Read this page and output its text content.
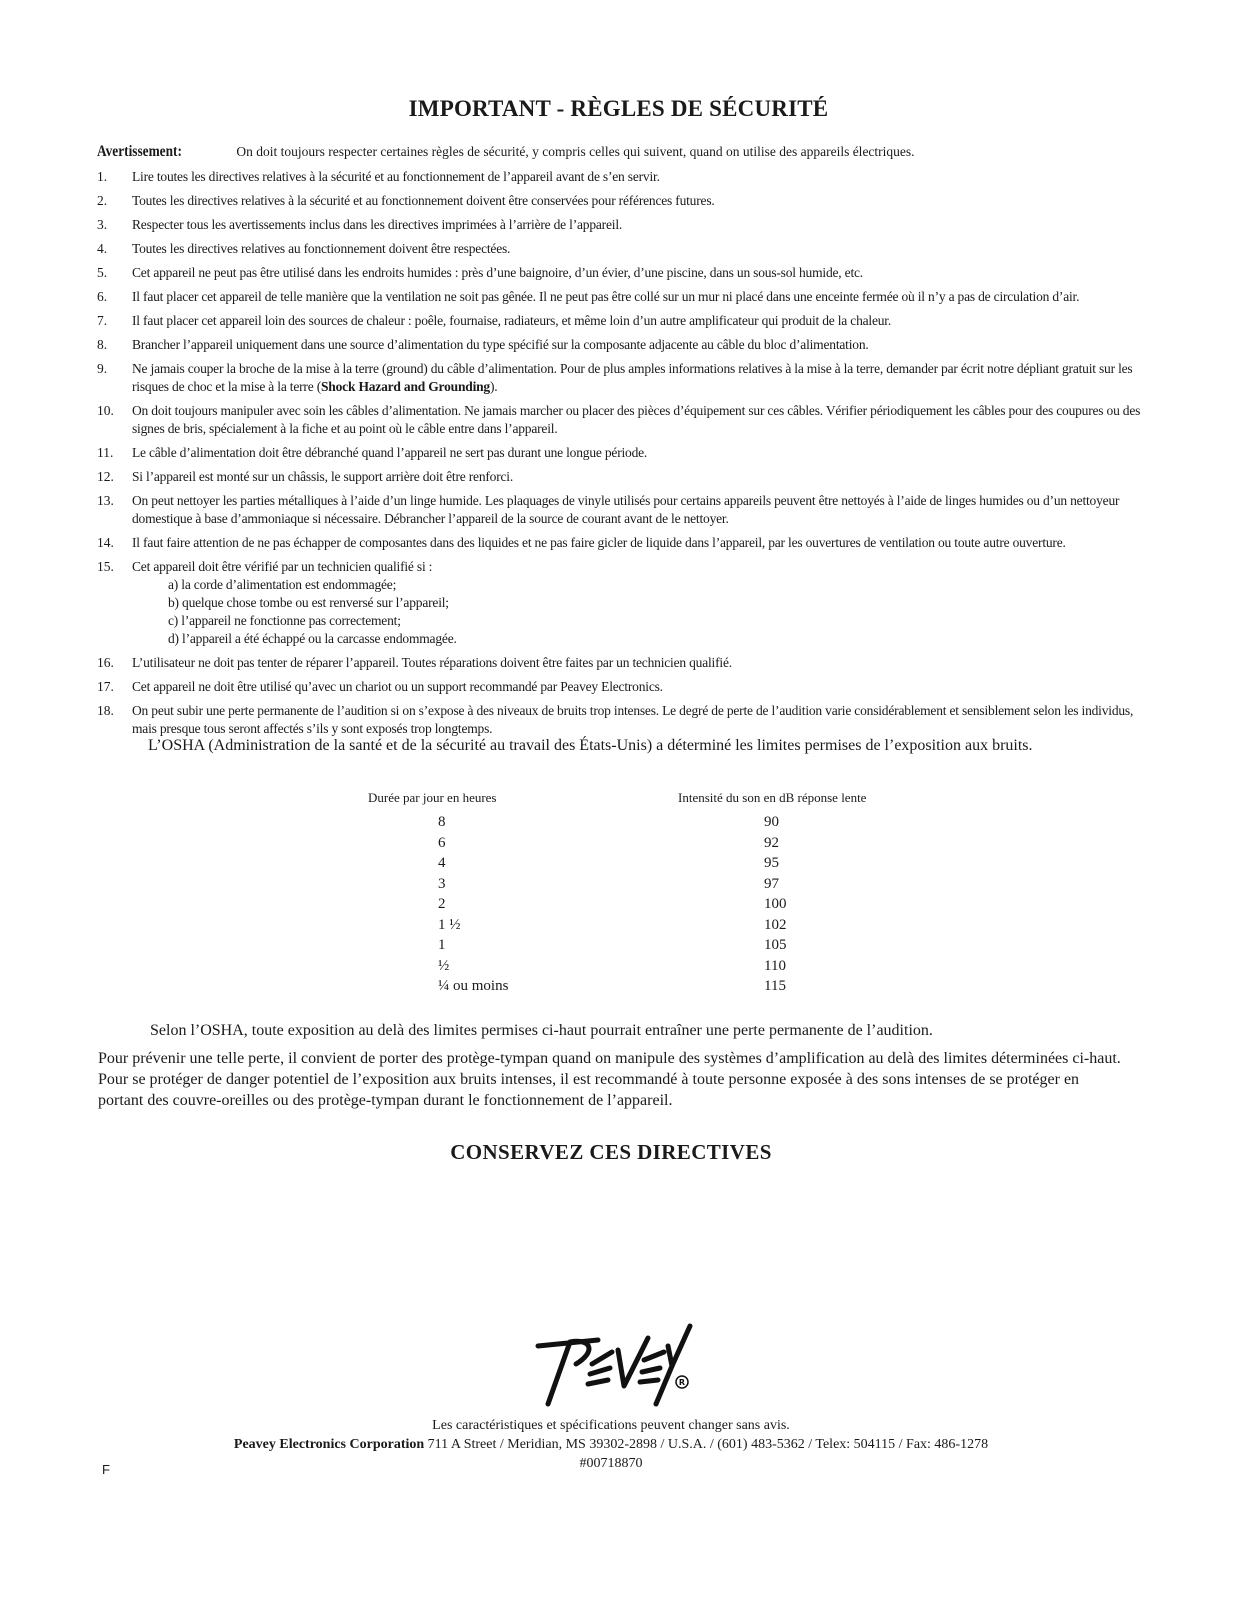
IMPORTANT - RÈGLES DE SÉCURITÉ
Avertissement:	On doit toujours respecter certaines règles de sécurité, y compris celles qui suivent, quand on utilise des appareils électriques.
1.	Lire toutes les directives relatives à la sécurité et au fonctionnement de l’appareil avant de s’en servir.
2.	Toutes les directives relatives à la sécurité et au fonctionnement doivent être conservées pour références futures.
3.	Respecter tous les avertissements inclus dans les directives imprimées à l’arrière de l’appareil.
4.	Toutes les directives relatives au fonctionnement doivent être respectées.
5.	Cet appareil ne peut pas être utilisé dans les endroits humides : près d’une baignoire, d’un évier, d’une piscine, dans un sous-sol humide, etc.
6.	Il faut placer cet appareil de telle manière que la ventilation ne soit pas gênée. Il ne peut pas être collé sur un mur ni placé dans une enceinte fermée où il n’y a pas de circulation d’air.
7.	Il faut placer cet appareil loin des sources de chaleur : poêle, fournaise, radiateurs, et même loin d’un autre amplificateur qui produit de la chaleur.
8.	Brancher l’appareil uniquement dans une source d’alimentation du type spécifié sur la composante adjacente au câble du bloc d’alimentation.
9.	Ne jamais couper la broche de la mise à la terre (ground) du câble d’alimentation. Pour de plus amples informations relatives à la mise à la terre, demander par écrit notre dépliant gratuit sur les risques de choc et la mise à la terre (Shock Hazard and Grounding).
10.	On doit toujours manipuler avec soin les câbles d’alimentation. Ne jamais marcher ou placer des pièces d’équipement sur ces câbles. Vérifier périodiquement les câbles pour des coupures ou des signes de bris, spécialement à la fiche et au point où le câble entre dans l’appareil.
11.	Le câble d’alimentation doit être débranché quand l’appareil ne sert pas durant une longue période.
12.	Si l’appareil est monté sur un châssis, le support arrière doit être renforci.
13.	On peut nettoyer les parties métalliques à l’aide d’un linge humide. Les plaquages de vinyle utilisés pour certains appareils peuvent être nettoyés à l’aide de linges humides ou d’un nettoyeur domestique à base d’ammoniaque si nécessaire. Débrancher l’appareil de la source de courant avant de le nettoyer.
14.	Il faut faire attention de ne pas échapper de composantes dans des liquides et ne pas faire gicler de liquide dans l’appareil, par les ouvertures de ventilation ou toute autre ouverture.
15.	Cet appareil doit être vérifié par un technicien qualifié si :
a) la corde d’alimentation est endommagée;
b) quelque chose tombe ou est renversé sur l’appareil;
c) l’appareil ne fonctionne pas correctement;
d) l’appareil a été échappé ou la carcasse endommagée.
16.	L’utilisateur ne doit pas tenter de réparer l’appareil. Toutes réparations doivent être faites par un technicien qualifié.
17.	Cet appareil ne doit être utilisé qu’avec un chariot ou un support recommandé par Peavey Electronics.
18.	On peut subir une perte permanente de l’audition si on s’expose à des niveaux de bruits trop intenses. Le degré de perte de l’audition varie considérablement et sensiblement selon les individus, mais presque tous seront affectés s’ils y sont exposés trop longtemps.
L’OSHA (Administration de la santé et de la sécurité au travail des États-Unis) a déterminé les limites permises de l’exposition aux bruits.
Durée par jour en heures	Intensité du son en dB réponse lente
8	90
6	92
4	95
3	97
2	100
1 ½	102
1	105
½	110
¼ ou moins	115
Selon l’OSHA, toute exposition au delà des limites permises ci-haut pourrait entraîner une perte permanente de l’audition.
Pour prévenir une telle perte, il convient de porter des protège-tympan quand on manipule des systèmes d’amplification au delà des limites déterminées ci-haut. Pour se protéger de danger potentiel de l’exposition aux bruits intenses, il est recommandé à toute personne exposée à des sons intenses de se protéger en portant des couvre-oreilles ou des protège-tympan durant le fonctionnement de l’appareil.
CONSERVEZ CES DIRECTIVES
R
Les caractéristiques et spécifications peuvent changer sans avis.
Peavey Electronics Corporation 711 A Street / Meridian, MS 39302-2898 / U.S.A. / (601) 483-5362 / Telex: 504115 / Fax: 486-1278
#00718870
F
